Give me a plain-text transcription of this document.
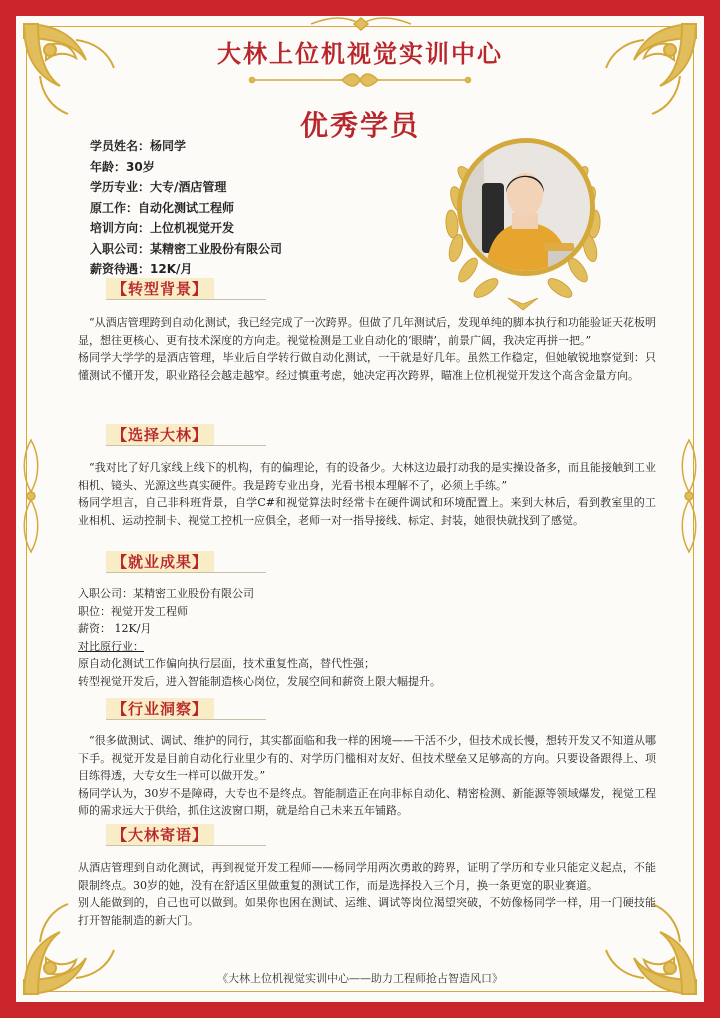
大林上位机视觉实训中心
优秀学员
学员姓名：杨同学
年龄：30岁
学历专业：大专/酒店管理
原工作：自动化测试工程师
培训方向：上位机视觉开发
入职公司：某精密工业股份有限公司
薪资待遇：12K/月
【转型背景】

“从酒店管理跨到自动化测试，我已经完成了一次跨界。但做了几年测试后，发现单纯的脚本执行和功能验证天花板明显，想往更核心、更有技术深度的方向走。视觉检测是工业自动化的‘眼睛’，前景广阔，我决定再拼一把。”

杨同学大学学的是酒店管理，毕业后自学转行做自动化测试，一干就是好几年。虽然工作稳定，但她敏锐地察觉到：只懂测试不懂开发，职业路径会越走越窄。经过慎重考虑，她决定再次跨界，瞄准上位机视觉开发这个高含金量方向。

【选择大林】

“我对比了好几家线上线下的机构，有的偏理论，有的设备少。大林这边最打动我的是实操设备多，而且能接触到工业相机、镜头、光源这些真实硬件。我是跨专业出身，光看书根本理解不了，必须上手练。”

杨同学坦言，自己非科班背景，自学C#和视觉算法时经常卡在硬件调试和环境配置上。来到大林后，看到教室里的工业相机、运动控制卡、视觉工控机一应俱全，老师一对一指导接线、标定、封装，她很快就找到了感觉。

【就业成果】

入职公司：某精密工业股份有限公司

职位：视觉开发工程师

薪资： 12K/月

对比原行业：

原自动化测试工作偏向执行层面，技术重复性高，替代性强；

转型视觉开发后，进入智能制造核心岗位，发展空间和薪资上限大幅提升。

【行业洞察】

“很多做测试、调试、维护的同行，其实都面临和我一样的困境——干活不少，但技术成长慢，想转开发又不知道从哪下手。视觉开发是目前自动化行业里少有的、对学历门槛相对友好、但技术壁垒又足够高的方向。只要设备跟得上、项目练得透，大专女生一样可以做开发。”

杨同学认为，30岁不是障碍，大专也不是终点。智能制造正在向非标自动化、精密检测、新能源等领域爆发，视觉工程师的需求远大于供给，抓住这波窗口期，就是给自己未来五年铺路。

【大林寄语】

从酒店管理到自动化测试，再到视觉开发工程师——杨同学用两次勇敢的跨界，证明了学历和专业只能定义起点，不能限制终点。30岁的她，没有在舒适区里做重复的测试工作，而是选择投入三个月，换一条更宽的职业赛道。

别人能做到的，自己也可以做到。如果你也困在测试、运维、调试等岗位渴望突破，不妨像杨同学一样，用一门硬技能打开智能制造的新大门。

《大林上位机视觉实训中心——助力工程师抢占智造风口》
